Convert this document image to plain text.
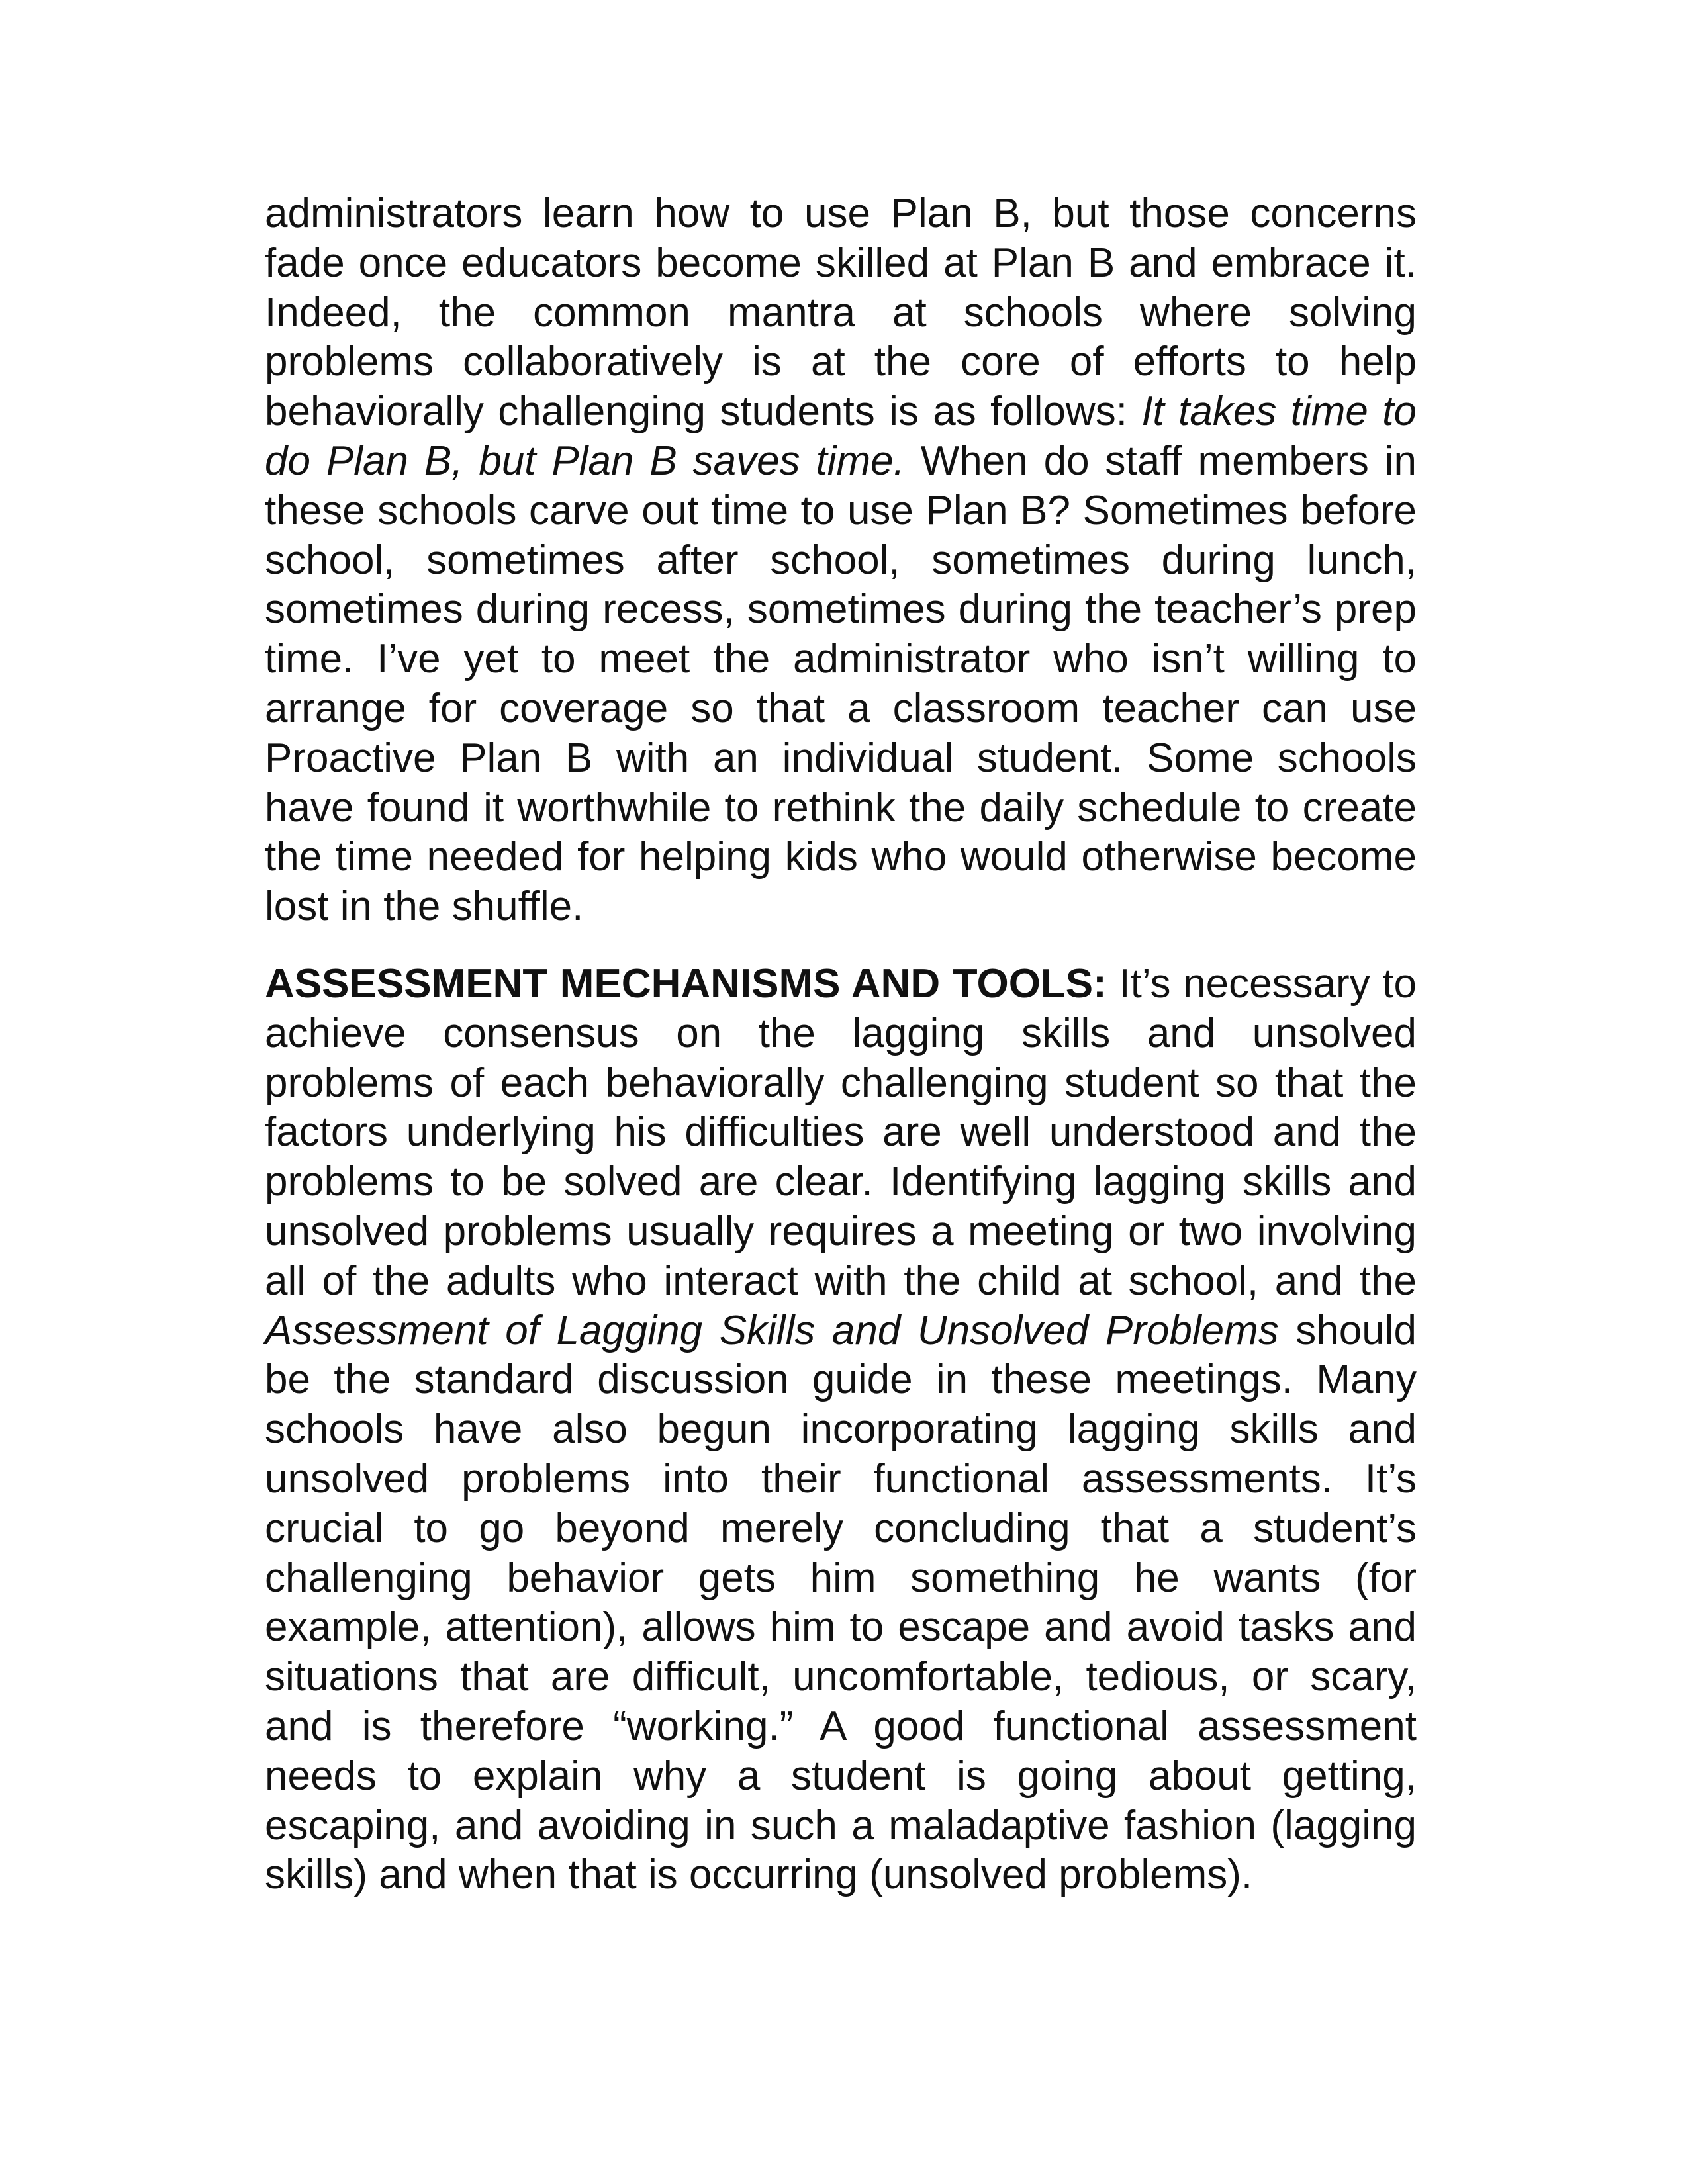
administrators learn how to use Plan B, but those concerns fade once educators become skilled at Plan B and embrace it. Indeed, the common mantra at schools where solving problems collaboratively is at the core of efforts to help behaviorally challenging students is as follows: It takes time to do Plan B, but Plan B saves time. When do staff members in these schools carve out time to use Plan B? Sometimes before school, sometimes after school, sometimes during lunch, sometimes during recess, sometimes during the teacher’s prep time. I’ve yet to meet the administrator who isn’t willing to arrange for coverage so that a classroom teacher can use Proactive Plan B with an individual student. Some schools have found it worthwhile to rethink the daily schedule to create the time needed for helping kids who would otherwise become lost in the shuffle.

ASSESSMENT MECHANISMS AND TOOLS: It’s necessary to achieve consensus on the lagging skills and unsolved problems of each behaviorally challenging student so that the factors underlying his difficulties are well understood and the problems to be solved are clear. Identifying lagging skills and unsolved problems usually requires a meeting or two involving all of the adults who interact with the child at school, and the Assessment of Lagging Skills and Unsolved Problems should be the standard discussion guide in these meetings. Many schools have also begun incorporating lagging skills and unsolved problems into their functional assessments. It’s crucial to go beyond merely concluding that a student’s challenging behavior gets him something he wants (for example, attention), allows him to escape and avoid tasks and situations that are difficult, uncomfortable, tedious, or scary, and is therefore “working.” A good functional assessment needs to explain why a student is going about getting, escaping, and avoiding in such a maladaptive fashion (lagging skills) and when that is occurring (unsolved problems).
